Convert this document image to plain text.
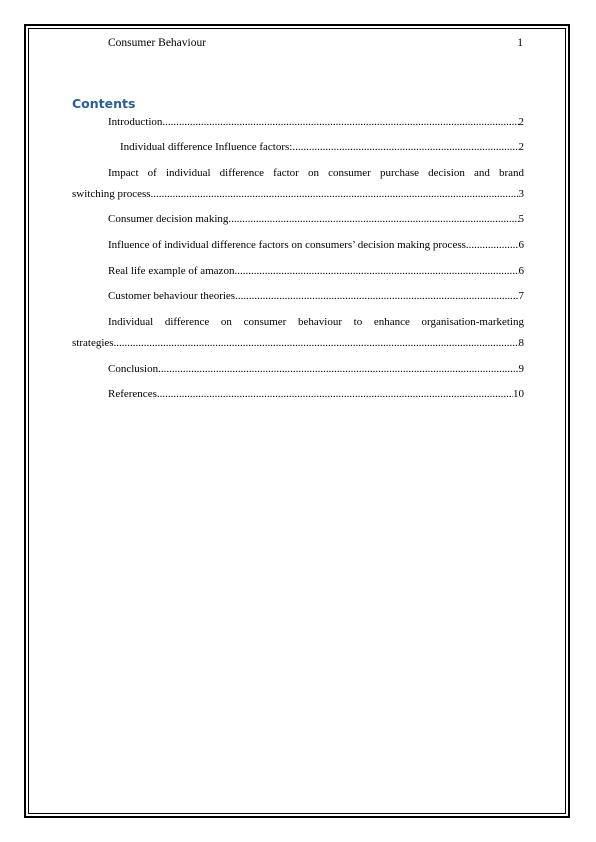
Consumer Behaviour	1
Contents
Introduction .....	2
Individual difference Influence factors: .....	2
Impact of individual difference factor on consumer purchase decision and brand
switching process .....	3
Consumer decision making .....	5
Influence of individual difference factors on consumers’ decision making process .....	6
Real life example of amazon .....	6
Customer behaviour theories .....	7
Individual difference on consumer behaviour to enhance organisation-marketing
strategies .....	8
Conclusion .....	9
References .....	10
